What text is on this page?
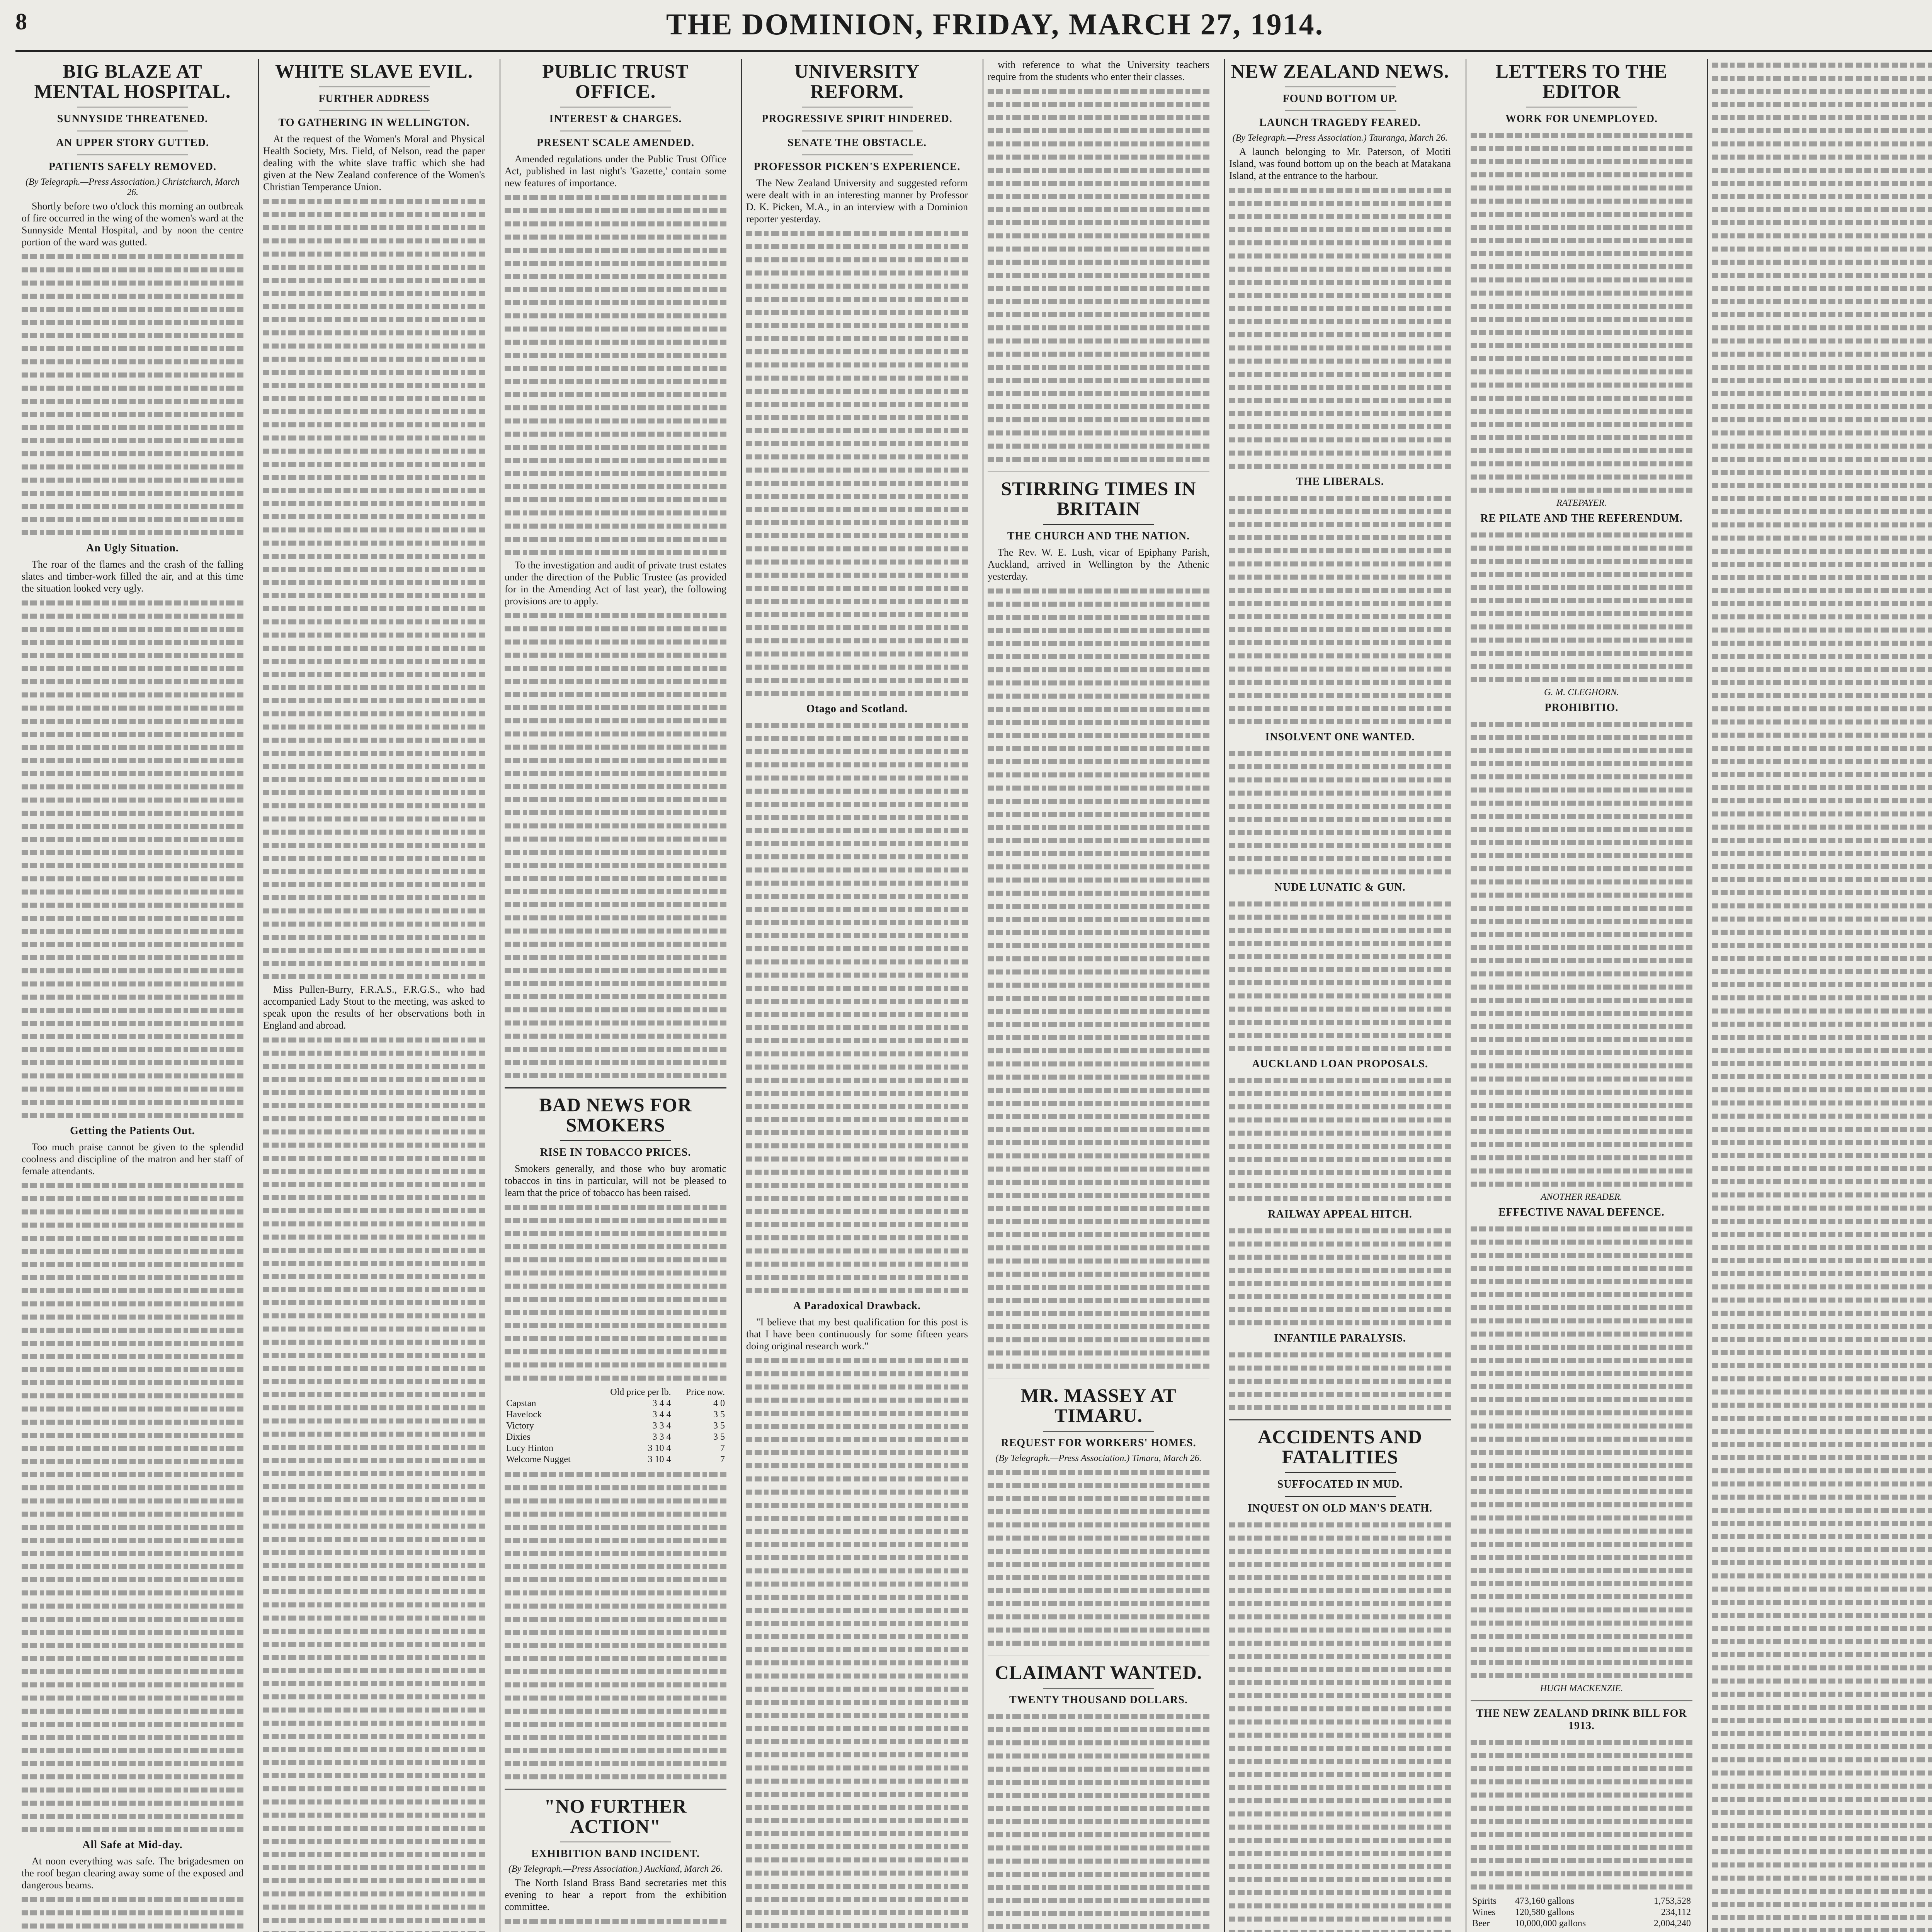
8	THE DOMINION, FRIDAY, MARCH 27, 1914.
BIG BLAZE AT MENTAL HOSPITAL.
SUNNYSIDE THREATENED.
AN UPPER STORY GUTTED.
PATIENTS SAFELY REMOVED.
(By Telegraph.—Press Association.) Christchurch, March 26.

Shortly before two o'clock this morning an outbreak of fire occurred in the wing of the women's ward at the Sunnyside Mental Hospital, and by noon the centre portion of the ward was gutted.

An Ugly Situation.

The roar of the flames and the crash of the falling slates and timber-work filled the air, and at this time the situation looked very ugly.

Getting the Patients Out.

Too much praise cannot be given to the splendid coolness and discipline of the matron and her staff of female attendants.

All Safe at Mid-day.

At noon everything was safe. The brigadesmen on the roof began clearing away some of the exposed and dangerous beams.

WHITE SLAVE EVIL.
FURTHER ADDRESS
TO GATHERING IN WELLINGTON.

At the request of the Women's Moral and Physical Health Society, Mrs. Field, of Nelson, read the paper dealing with the white slave traffic which she had given at the New Zealand conference of the Women's Christian Temperance Union.

Miss Pullen-Burry, F.R.A.S., F.R.G.S., who had accompanied Lady Stout to the meeting, was asked to speak upon the results of her observations both in England and abroad.

PUBLIC TRUST OFFICE.
INTEREST & CHARGES.
PRESENT SCALE AMENDED.

Amended regulations under the Public Trust Office Act, published in last night's 'Gazette,' contain some new features of importance.

To the investigation and audit of private trust estates under the direction of the Public Trustee (as provided for in the Amending Act of last year), the following provisions are to apply.

BAD NEWS FOR SMOKERS
RISE IN TOBACCO PRICES.

Smokers generally, and those who buy aromatic tobaccos in tins in particular, will not be pleased to learn that the price of tobacco has been raised.

	Old price per lb.	Price now.
Capstan	3 4 4	4 0
Havelock	3 4 4	3 5
Victory	3 3 4	3 5
Dixies	3 3 4	3 5
Lucy Hinton	3 10 4	7
Welcome Nugget	3 10 4	7
"NO FURTHER ACTION"
EXHIBITION BAND INCIDENT.
(By Telegraph.—Press Association.) Auckland, March 26.

The North Island Brass Band secretaries met this evening to hear a report from the exhibition committee.

UNIVERSITY REFORM.
PROGRESSIVE SPIRIT HINDERED.
SENATE THE OBSTACLE.
PROFESSOR PICKEN'S EXPERIENCE.

The New Zealand University and suggested reform were dealt with in an interesting manner by Professor D. K. Picken, M.A., in an interview with a Dominion reporter yesterday.

Otago and Scotland.
A Paradoxical Drawback.

"I believe that my best qualification for this post is that I have been continuously for some fifteen years doing original research work."

with reference to what the University teachers require from the students who enter their classes.

STIRRING TIMES IN BRITAIN
THE CHURCH AND THE NATION.

The Rev. W. E. Lush, vicar of Epiphany Parish, Auckland, arrived in Wellington by the Athenic yesterday.

MR. MASSEY AT TIMARU.
REQUEST FOR WORKERS' HOMES.
(By Telegraph.—Press Association.) Timaru, March 26.
CLAIMANT WANTED.
TWENTY THOUSAND DOLLARS.
NEW ZEALAND NEWS.
FOUND BOTTOM UP.
LAUNCH TRAGEDY FEARED.
(By Telegraph.—Press Association.) Tauranga, March 26.

A launch belonging to Mr. Paterson, of Motiti Island, was found bottom up on the beach at Matakana Island, at the entrance to the harbour.

THE LIBERALS.
INSOLVENT ONE WANTED.
NUDE LUNATIC & GUN.
AUCKLAND LOAN PROPOSALS.
RAILWAY APPEAL HITCH.
INFANTILE PARALYSIS.
ACCIDENTS AND FATALITIES
SUFFOCATED IN MUD.
INQUEST ON OLD MAN'S DEATH.
LETTERS TO THE EDITOR
WORK FOR UNEMPLOYED.
RATEPAYER.
RE PILATE AND THE REFERENDUM.
G. M. CLEGHORN.
PROHIBITIO.
ANOTHER READER.
EFFECTIVE NAVAL DEFENCE.
HUGH MACKENZIE.
THE NEW ZEALAND DRINK BILL FOR 1913.
Spirits	473,160 gallons	1,753,528
Wines	120,580 gallons	234,112
Beer	10,000,000 gallons	2,004,240
